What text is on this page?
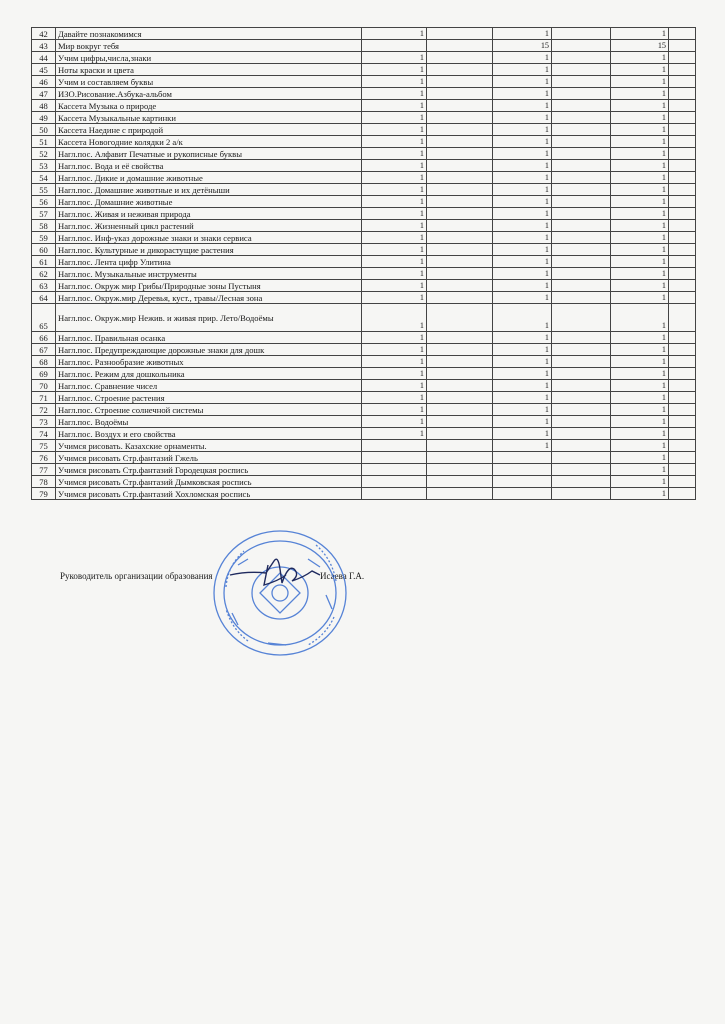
42	Давайте познакомимся	1		1		1	
43	Мир вокруг тебя			15		15	
44	Учим цифры,числа,знаки	1		1		1	
45	Ноты краски и цвета	1		1		1	
46	Учим и составляем буквы	1		1		1	
47	ИЗО.Рисование.Азбука-альбом	1		1		1	
48	Кассета Музыка о природе	1		1		1	
49	Кассета Музыкальные картинки	1		1		1	
50	Кассета Наедине с природой	1		1		1	
51	Кассета Новогодние колядки 2 а/к	1		1		1	
52	Нагл.пос. Алфавит Печатные и рукописные буквы	1		1		1	
53	Нагл.пос. Вода и её свойства	1		1		1	
54	Нагл.пос. Дикие и домашние животные	1		1		1	
55	Нагл.пос. Домашние животные и их детёныши	1		1		1	
56	Нагл.пос. Домашние животные	1		1		1	
57	Нагл.пос. Живая и неживая природа	1		1		1	
58	Нагл.пос. Жизненный цикл растений	1		1		1	
59	Нагл.пос. Инф-указ дорожные знаки и знаки сервиса	1		1		1	
60	Нагл.пос. Культурные и дикорастущие растения	1		1		1	
61	Нагл.пос. Лента цифр Улитина	1		1		1	
62	Нагл.пос. Музыкальные инструменты	1		1		1	
63	Нагл.пос. Окруж мир Грибы/Природные зоны Пустыня	1		1		1	
64	Нагл.пос. Окруж.мир Деревья, куст., травы/Лесная зона	1		1		1	
65	Нагл.пос. Окруж.мир Нежив. и живая прир. Лето/Водоёмы	1		1		1	
66	Нагл.пос. Правильная осанка	1		1		1	
67	Нагл.пос. Предупреждающие дорожные знаки для дошк	1		1		1	
68	Нагл.пос. Разнообразие животных	1		1		1	
69	Нагл.пос. Режим для дошкольника	1		1		1	
70	Нагл.пос. Сравнение чисел	1		1		1	
71	Нагл.пос. Строение растения	1		1		1	
72	Нагл.пос. Строение солнечной системы	1		1		1	
73	Нагл.пос. Водоёмы	1		1		1	
74	Нагл.пос. Воздух и его свойства	1		1		1	
75	Учимся рисовать. Казахские орнаменты.			1		1	
76	Учимся рисовать Стр.фантазий Гжель					1	
77	Учимся рисовать Стр.фантазий Городецкая роспись					1	
78	Учимся рисовать Стр.фантазий Дымковская роспись					1	
79	Учимся рисовать Стр.фантазий Хохломская роспись					1	
Руководитель организации образования	Исаева Г.А.
